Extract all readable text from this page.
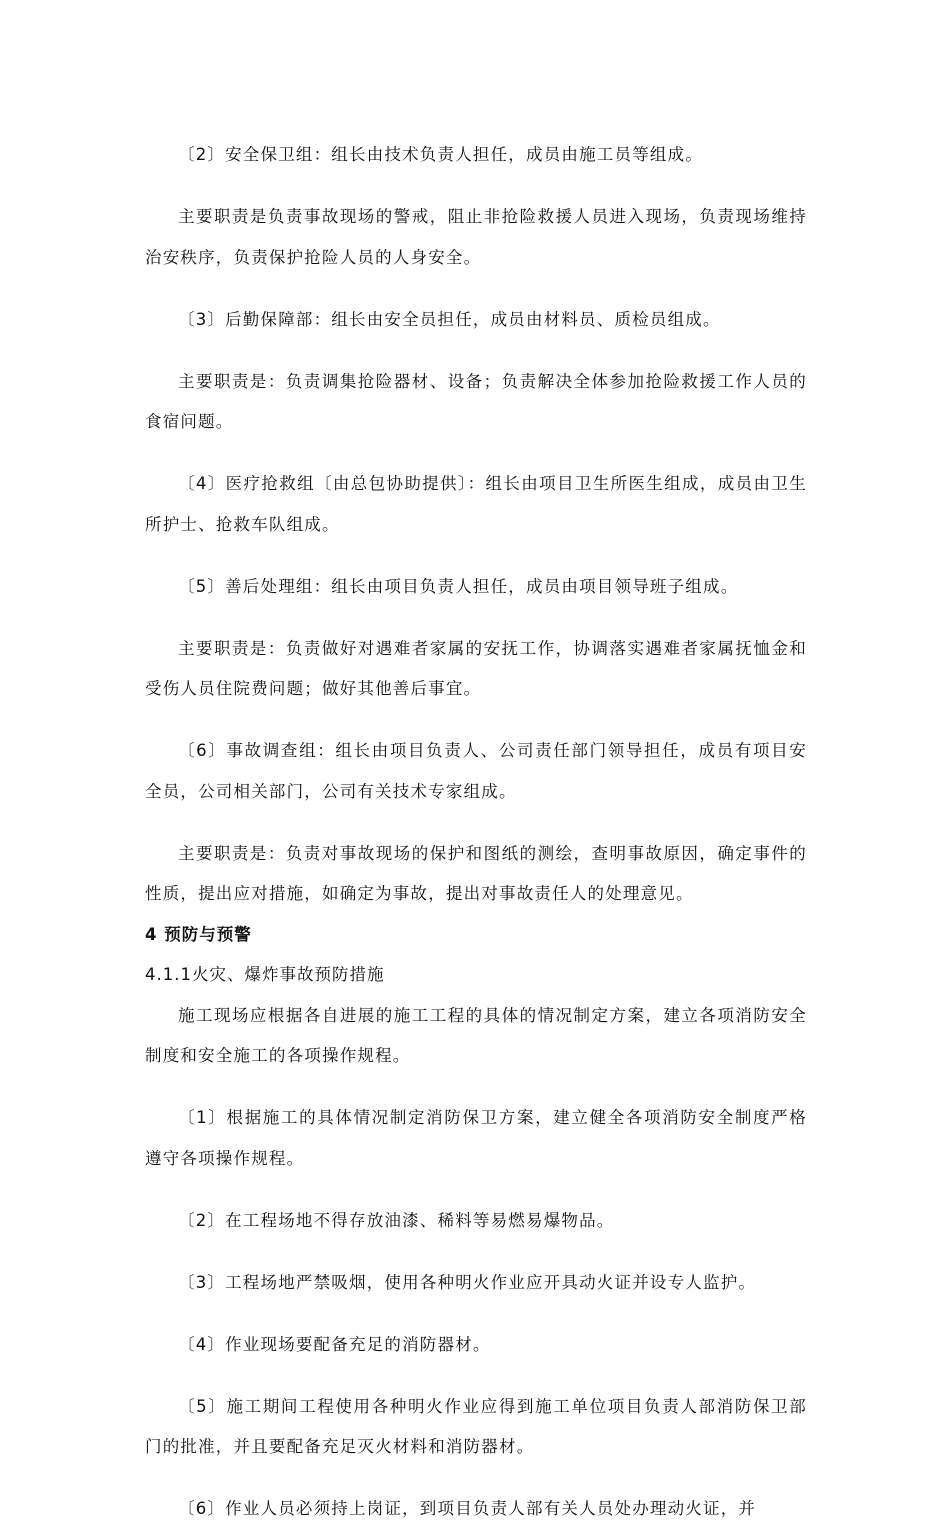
〔2〕安全保卫组：组长由技术负责人担任，成员由施工员等组成。

主要职责是负责事故现场的警戒，阻止非抢险救援人员进入现场，负责现场维持治安秩序，负责保护抢险人员的人身安全。

〔3〕后勤保障部：组长由安全员担任，成员由材料员、质检员组成。

主要职责是：负责调集抢险器材、设备；负责解决全体参加抢险救援工作人员的食宿问题。

〔4〕医疗抢救组〔由总包协助提供〕：组长由项目卫生所医生组成，成员由卫生所护士、抢救车队组成。

〔5〕善后处理组：组长由项目负责人担任，成员由项目领导班子组成。

主要职责是：负责做好对遇难者家属的安抚工作，协调落实遇难者家属抚恤金和受伤人员住院费问题；做好其他善后事宜。

〔6〕事故调查组：组长由项目负责人、公司责任部门领导担任，成员有项目安全员，公司相关部门，公司有关技术专家组成。

主要职责是：负责对事故现场的保护和图纸的测绘，查明事故原因，确定事件的性质，提出应对措施，如确定为事故，提出对事故责任人的处理意见。

4 预防与预警

4.1.1火灾、爆炸事故预防措施

施工现场应根据各自进展的施工工程的具体的情况制定方案，建立各项消防安全制度和安全施工的各项操作规程。

〔1〕根据施工的具体情况制定消防保卫方案，建立健全各项消防安全制度严格遵守各项操作规程。

〔2〕在工程场地不得存放油漆、稀料等易燃易爆物品。

〔3〕工程场地严禁吸烟，使用各种明火作业应开具动火证并设专人监护。

〔4〕作业现场要配备充足的消防器材。

〔5〕施工期间工程使用各种明火作业应得到施工单位项目负责人部消防保卫部门的批准，并且要配备充足灭火材料和消防器材。

〔6〕作业人员必须持上岗证，到项目负责人部有关人员处办理动火证，并
